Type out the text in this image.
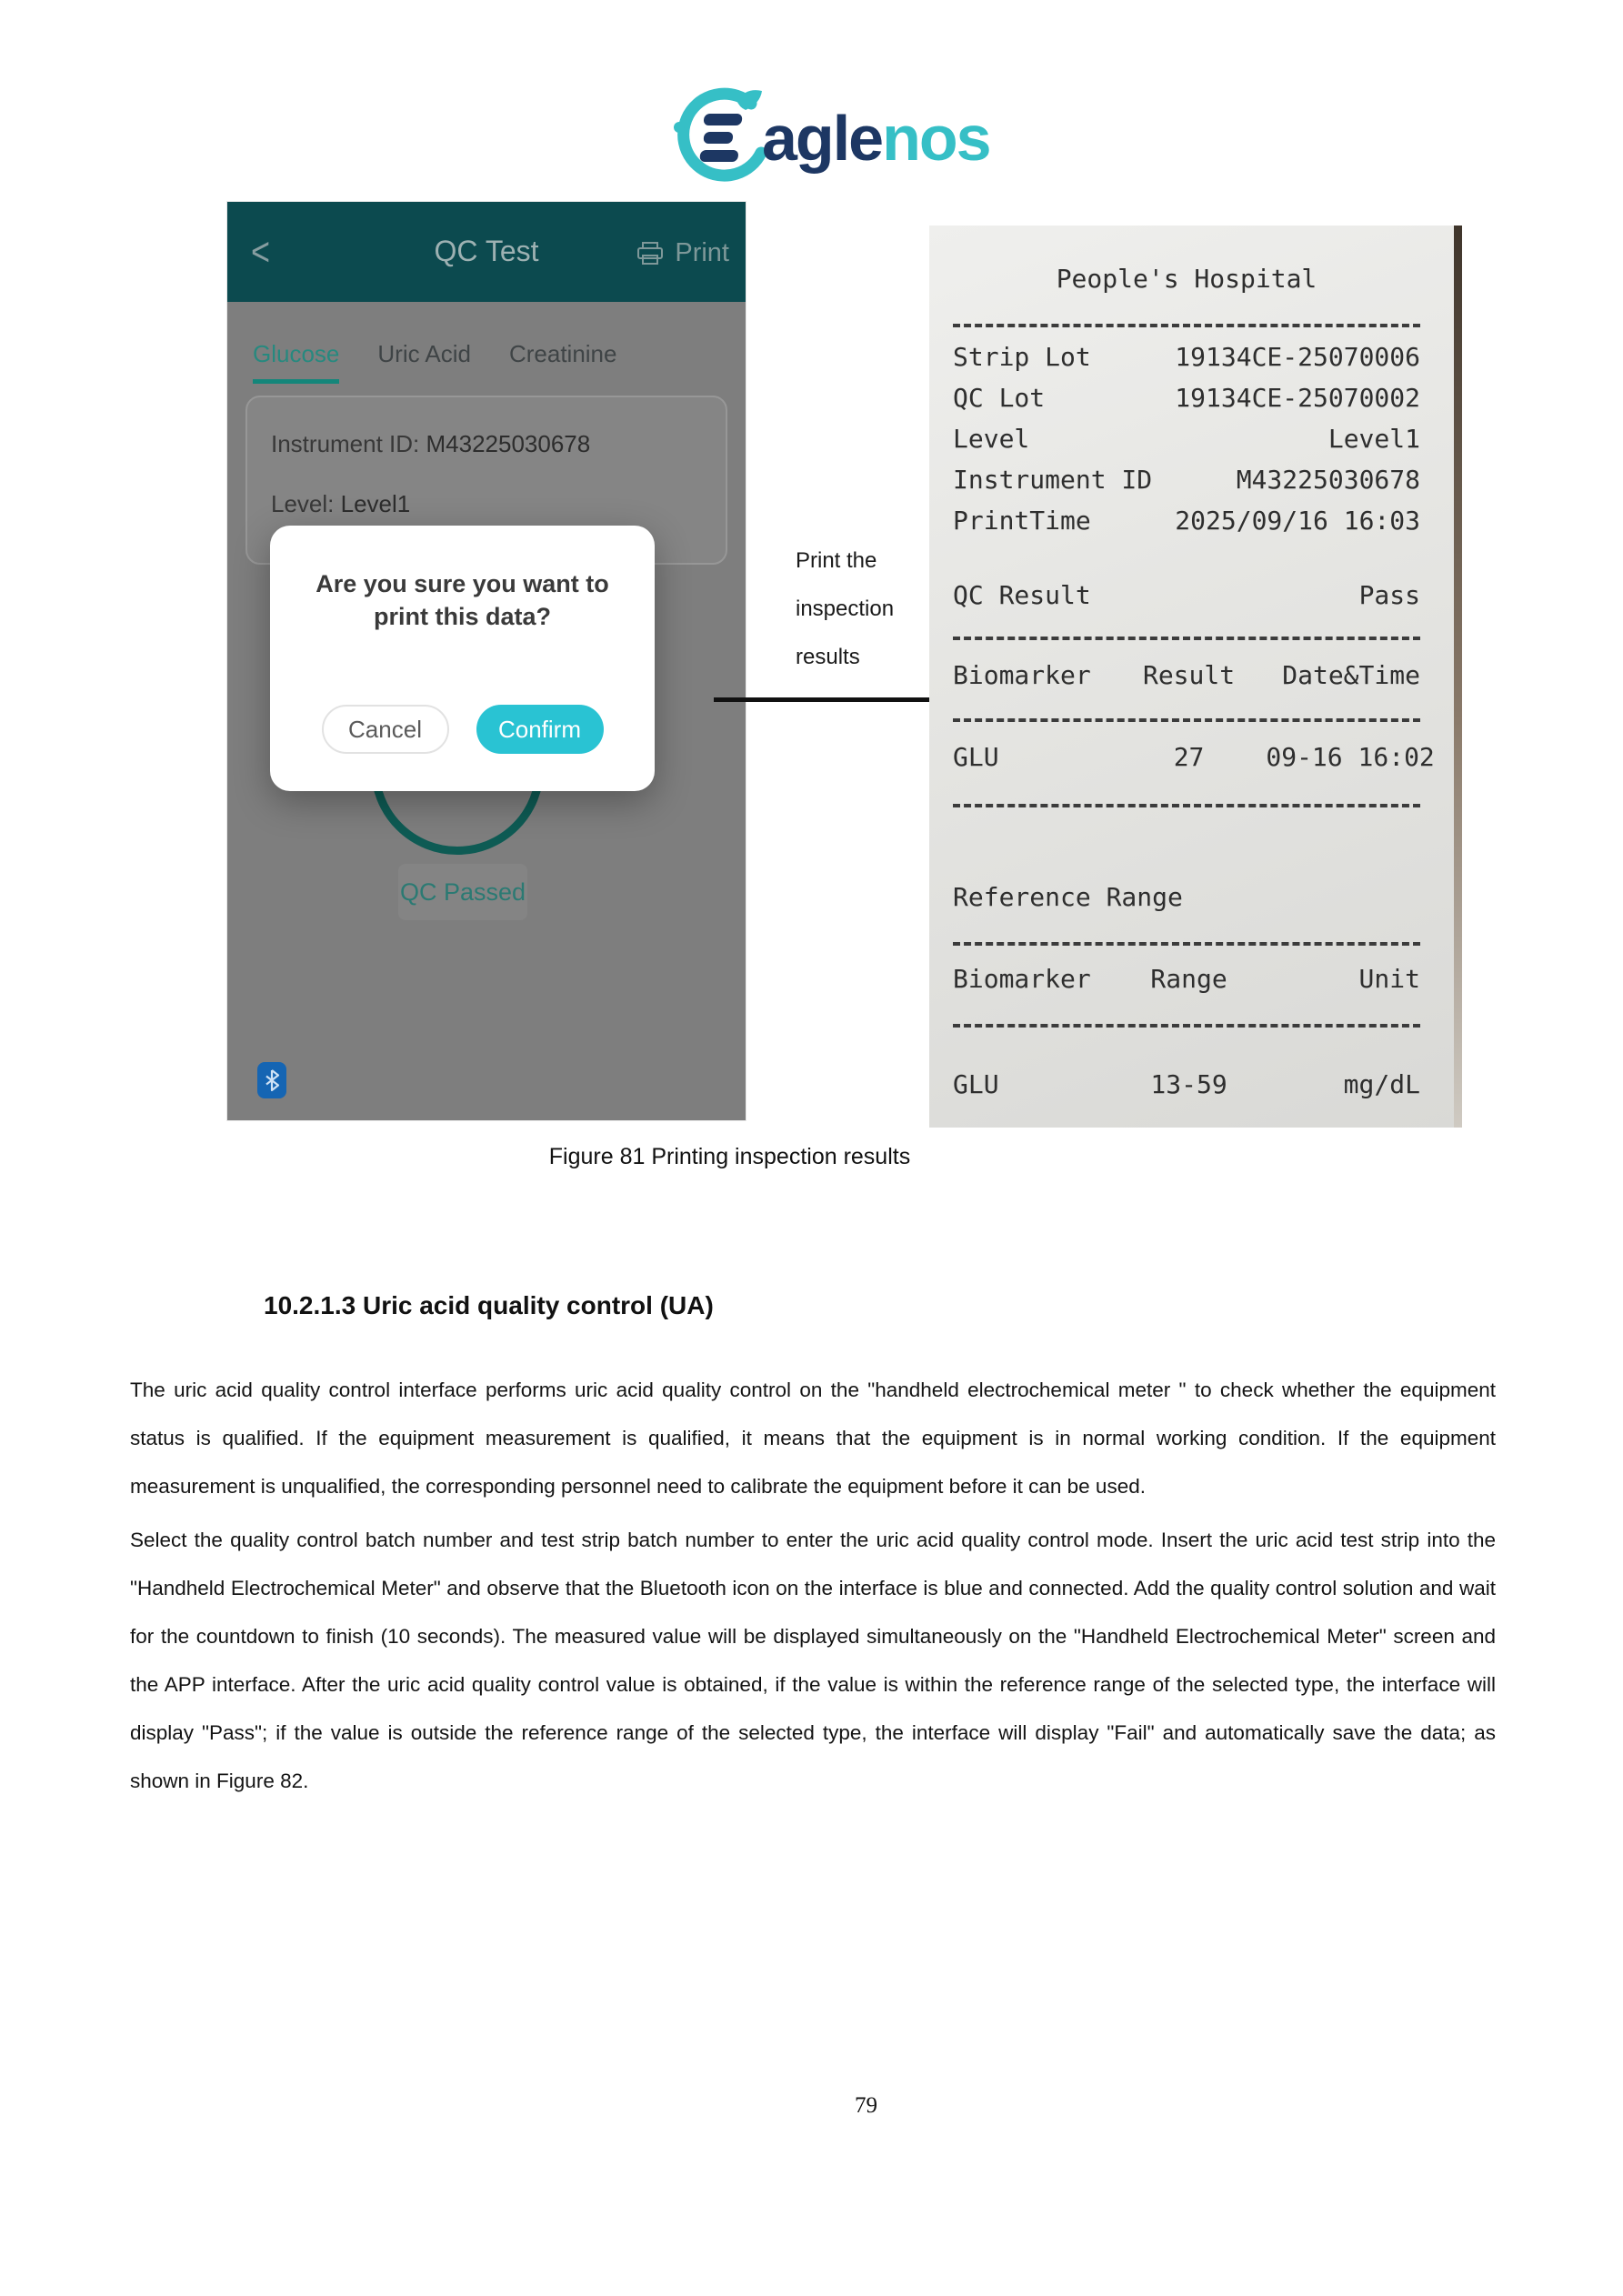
aglenos
<	QC Test	Print
Glucose Uric Acid Creatinine
Instrument ID: M43225030678
Level: Level1
QC Passed
Are you sure you want to print this data?
Cancel	Confirm
Print the
inspection
results
People's Hospital
Strip Lot	19134CE-25070006
QC Lot	19134CE-25070002
Level	Level1
Instrument ID	M43225030678
PrintTime	2025/09/16 16:03
QC Result	Pass
Biomarker	Result	Date&Time
GLU	27	09-16 16:02
Reference Range
Biomarker	Range	Unit
GLU	13-59	mg/dL
Figure 81 Printing inspection results
10.2.1.3 Uric acid quality control (UA)

The uric acid quality control interface performs uric acid quality control on the "handheld electrochemical meter " to check whether the equipment status is qualified. If the equipment measurement is qualified, it means that the equipment is in normal working condition. If the equipment measurement is unqualified, the corresponding personnel need to calibrate the equipment before it can be used.

Select the quality control batch number and test strip batch number to enter the uric acid quality control mode. Insert the uric acid test strip into the "Handheld Electrochemical Meter" and observe that the Bluetooth icon on the interface is blue and connected. Add the quality control solution and wait for the countdown to finish (10 seconds). The measured value will be displayed simultaneously on the "Handheld Electrochemical Meter" screen and the APP interface. After the uric acid quality control value is obtained, if the value is within the reference range of the selected type, the interface will display "Pass"; if the value is outside the reference range of the selected type, the interface will display "Fail" and automatically save the data; as shown in Figure 82.

79
